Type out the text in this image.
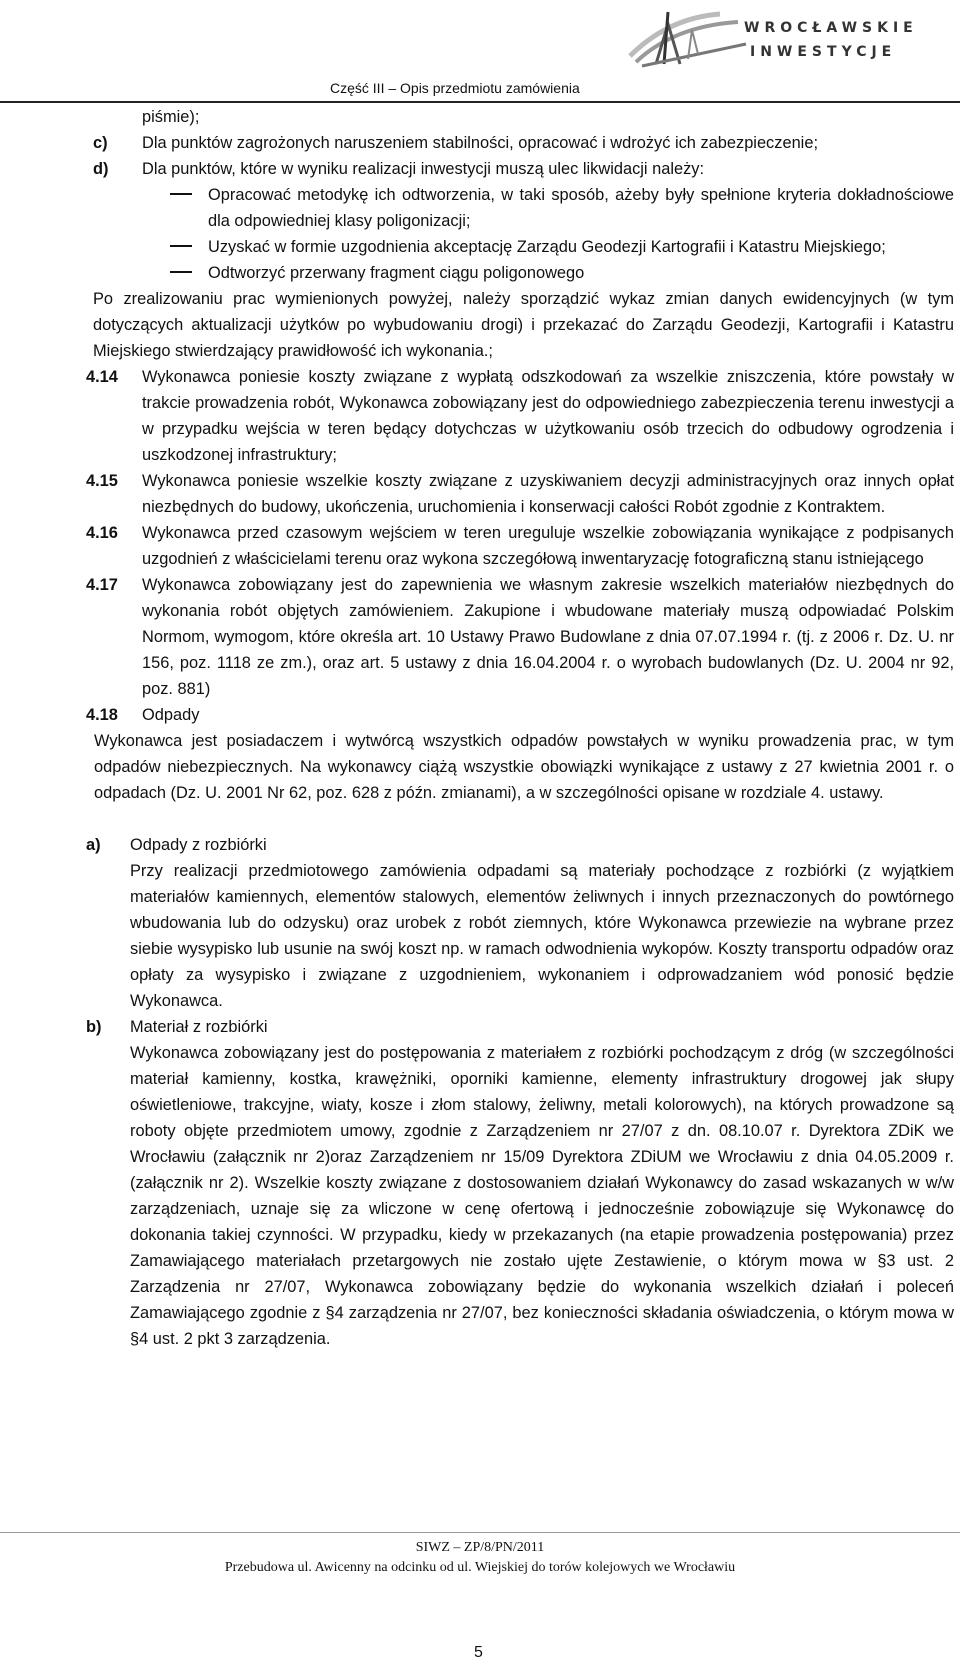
WROCŁAWSKIE
INWESTYCJE
Część III – Opis przedmiotu zamówienia
piśmie);
c)	Dla punktów zagrożonych naruszeniem stabilności, opracować i wdrożyć ich zabezpieczenie;
d)	Dla punktów, które w wyniku realizacji inwestycji muszą ulec likwidacji należy:
Opracować metodykę ich odtworzenia, w taki sposób, ażeby były spełnione kryteria dokładnościowe dla odpowiedniej klasy poligonizacji;
Uzyskać w formie uzgodnienia akceptację Zarządu Geodezji Kartografii i Katastru Miejskiego;
Odtworzyć przerwany fragment ciągu poligonowego
Po zrealizowaniu prac wymienionych powyżej, należy sporządzić wykaz zmian danych ewidencyjnych (w tym dotyczących aktualizacji użytków po wybudowaniu drogi) i przekazać do Zarządu Geodezji, Kartografii i Katastru Miejskiego stwierdzający prawidłowość ich wykonania.;
4.14	Wykonawca poniesie koszty związane z wypłatą odszkodowań za wszelkie zniszczenia, które powstały w trakcie prowadzenia robót, Wykonawca zobowiązany jest do odpowiedniego zabezpieczenia terenu inwestycji a w przypadku wejścia w teren będący dotychczas w użytkowaniu osób trzecich do odbudowy ogrodzenia i uszkodzonej infrastruktury;
4.15	Wykonawca poniesie wszelkie koszty związane z uzyskiwaniem decyzji administracyjnych oraz innych opłat niezbędnych do budowy, ukończenia, uruchomienia i konserwacji całości Robót zgodnie z Kontraktem.
4.16	Wykonawca przed czasowym wejściem w teren ureguluje wszelkie zobowiązania wynikające z podpisanych uzgodnień z właścicielami terenu oraz wykona szczegółową inwentaryzację fotograficzną stanu istniejącego
4.17	Wykonawca zobowiązany jest do zapewnienia we własnym zakresie wszelkich materiałów niezbędnych do wykonania robót objętych zamówieniem. Zakupione i wbudowane materiały muszą odpowiadać Polskim Normom, wymogom, które określa art. 10 Ustawy Prawo Budowlane z dnia 07.07.1994 r. (tj. z 2006 r. Dz. U. nr 156, poz. 1118 ze zm.), oraz art. 5 ustawy z dnia 16.04.2004 r. o wyrobach budowlanych (Dz. U. 2004 nr 92, poz. 881)
4.18	Odpady
Wykonawca jest posiadaczem i wytwórcą wszystkich odpadów powstałych w wyniku prowadzenia prac, w tym odpadów niebezpiecznych. Na wykonawcy ciążą wszystkie obowiązki wynikające z ustawy z 27 kwietnia 2001 r. o odpadach (Dz. U. 2001 Nr 62, poz. 628 z późn. zmianami), a w szczególności opisane w rozdziale 4. ustawy.
a)	Odpady z rozbiórki
Przy realizacji przedmiotowego zamówienia odpadami są materiały pochodzące z rozbiórki (z wyjątkiem materiałów kamiennych, elementów stalowych, elementów żeliwnych i innych przeznaczonych do powtórnego wbudowania lub do odzysku) oraz urobek z robót ziemnych, które Wykonawca przewiezie na wybrane przez siebie wysypisko lub usunie na swój koszt np. w ramach odwodnienia wykopów. Koszty transportu odpadów oraz opłaty za wysypisko i związane z uzgodnieniem, wykonaniem i odprowadzaniem wód ponosić będzie Wykonawca.
b)	Materiał z rozbiórki
Wykonawca zobowiązany jest do postępowania z materiałem z rozbiórki pochodzącym z dróg (w szczególności materiał kamienny, kostka, krawężniki, oporniki kamienne, elementy infrastruktury drogowej jak słupy oświetleniowe, trakcyjne, wiaty, kosze i złom stalowy, żeliwny, metali kolorowych), na których prowadzone są roboty objęte przedmiotem umowy, zgodnie z Zarządzeniem nr 27/07 z dn. 08.10.07 r. Dyrektora ZDiK we Wrocławiu (załącznik nr 2)oraz Zarządzeniem nr 15/09 Dyrektora ZDiUM we Wrocławiu z dnia 04.05.2009 r. (załącznik nr 2). Wszelkie koszty związane z dostosowaniem działań Wykonawcy do zasad wskazanych w w/w zarządzeniach, uznaje się za wliczone w cenę ofertową i jednocześnie zobowiązuje się Wykonawcę do dokonania takiej czynności. W przypadku, kiedy w przekazanych (na etapie prowadzenia postępowania) przez Zamawiającego materiałach przetargowych nie zostało ujęte Zestawienie, o którym mowa w §3 ust. 2 Zarządzenia nr 27/07, Wykonawca zobowiązany będzie do wykonania wszelkich działań i poleceń Zamawiającego zgodnie z §4 zarządzenia nr 27/07, bez konieczności składania oświadczenia, o którym mowa w §4 ust. 2 pkt 3 zarządzenia.
SIWZ – ZP/8/PN/2011
Przebudowa ul. Awicenny na odcinku od ul. Wiejskiej do torów kolejowych we Wrocławiu
5
